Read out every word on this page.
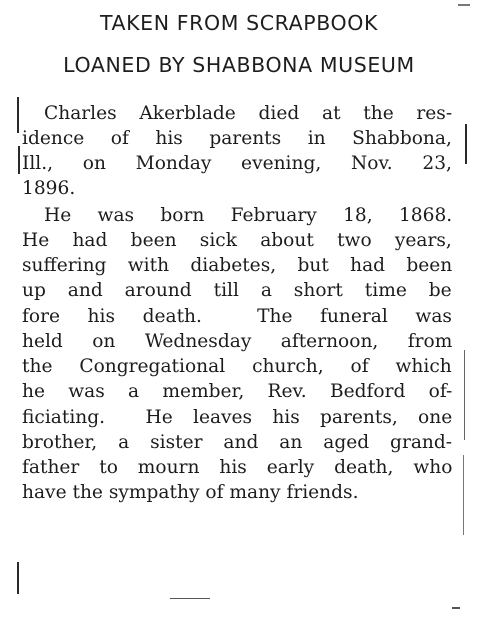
TAKEN FROM SCRAPBOOK
LOANED BY SHABBONA MUSEUM
Charles Akerblade died at the res-
idence of his parents in Shabbona,
Ill., on Monday evening, Nov. 23,
1896.
He was born February 18, 1868.
He had been sick about two years,
suffering with diabetes, but had been
up and around till a short time be
fore his death.  The funeral was
held on Wednesday afternoon, from
the Congregational church, of which
he was a member, Rev. Bedford of-
ficiating.  He leaves his parents, one
brother, a sister and an aged grand-
father to mourn his early death, who
have the sympathy of many friends.
